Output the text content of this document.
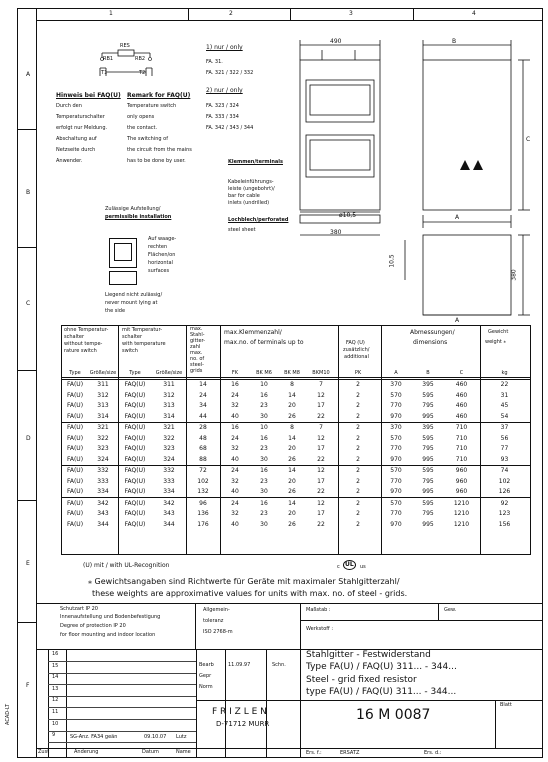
1	2	3	4
A
B
C
D
E
F
ACAD-LT
RES
RB1	RB2
T1	T2
Hinweis bei FAQ(U)
Durch den
Temperaturschalter
erfolgt nur Meldung.
Abschaltung auf
Netzseite durch
Anwender.
Remark for FAQ(U)
Temperature switch
only opens
the contact.
The switching of
the circuit from the mains
has to be done by user.
1) nur / only
FA. 31.
FA. 321 / 322 / 332
2) nur / only
FA. 323 / 324
FA. 333 / 334
FA. 342 / 343 / 344
Zulässige Aufstellung/
permissible installation
Auf waage-
rechten
Flächen/on
horizontal
surfaces
Liegend nicht zulässig/
never mount lying at
the side
490	B
C
A
A
380
380
10,5
ø10,5
Klemmen/terminals
Kabeleinführungs-
leiste (ungebohrt)/
bar for cable
inlets (undrilled)
Lochblech/perforated
steel sheet
ohne Temperatur-
schalter
without tempe-
rature switch
mit Temperatur-
schalter
with temperature
switch
max.
Stahl-
gitter-
zahl
max.
no. of
steel-
grids
max.Klemmenzahl/
max.no. of terminals up to	FAQ (U)
zusätzlich/
additional
Abmessungen/
dimensions
Gewicht
weight ⁎
Type	Größe/size	Type	Größe/size		FK	BK M6	BK M8	BKM10	PK	A	B	C	kg
FA(U)	311	FAQ(U)	311	14	16	10	8	7	2	370	395	460	22
FA(U)	312	FAQ(U)	312	24	24	16	14	12	2	570	595	460	31
FA(U)	313	FAQ(U)	313	34	32	23	20	17	2	770	795	460	45
FA(U)	314	FAQ(U)	314	44	40	30	26	22	2	970	995	460	54
FA(U)	321	FAQ(U)	321	28	16	10	8	7	2	370	395	710	37
FA(U)	322	FAQ(U)	322	48	24	16	14	12	2	570	595	710	56
FA(U)	323	FAQ(U)	323	68	32	23	20	17	2	770	795	710	77
FA(U)	324	FAQ(U)	324	88	40	30	26	22	2	970	995	710	93
FA(U)	332	FAQ(U)	332	72	24	16	14	12	2	570	595	960	74
FA(U)	333	FAQ(U)	333	102	32	23	20	17	2	770	795	960	102
FA(U)	334	FAQ(U)	334	132	40	30	26	22	2	970	995	960	126
FA(U)	342	FAQ(U)	342	96	24	16	14	12	2	570	595	1210	92
FA(U)	343	FAQ(U)	343	136	32	23	20	17	2	770	795	1210	123
FA(U)	344	FAQ(U)	344	176	40	30	26	22	2	970	995	1210	156
(U) mit / with UL-Recognition	c UL	us
⁎ Gewichtsangaben sind Richtwerte für Geräte mit maximaler Stahlgitterzahl/
these weights are approximative values for units with max. no. of steel - grids.
Schutzart IP 20
Innenaufstellung und Bodenbefestigung
Degree of protection IP 20
for floor mounting and indoor location
Allgemein-
toleranz
ISO 2768-m
Maßstab :	Gew.
Werkstoff :
Stahlgitter - Festwiderstand
Type FA(U) / FAQ(U) 311... - 344...
Steel - grid fixed resistor
type FA(U) / FAQ(U) 311... - 344...
16
15
14
13
12
11
10
9	SG-Anz. FA34 geän	09.10.07 Lutz
Zust	Änderung	Datum	Name
Bearb	11.09.97	Schn.
Gepr
Norm
F R I Z L E N
D-71712 MURR
16 M 0087
Blatt
Ers. f.:	ERSATZ	Ers. d.:
